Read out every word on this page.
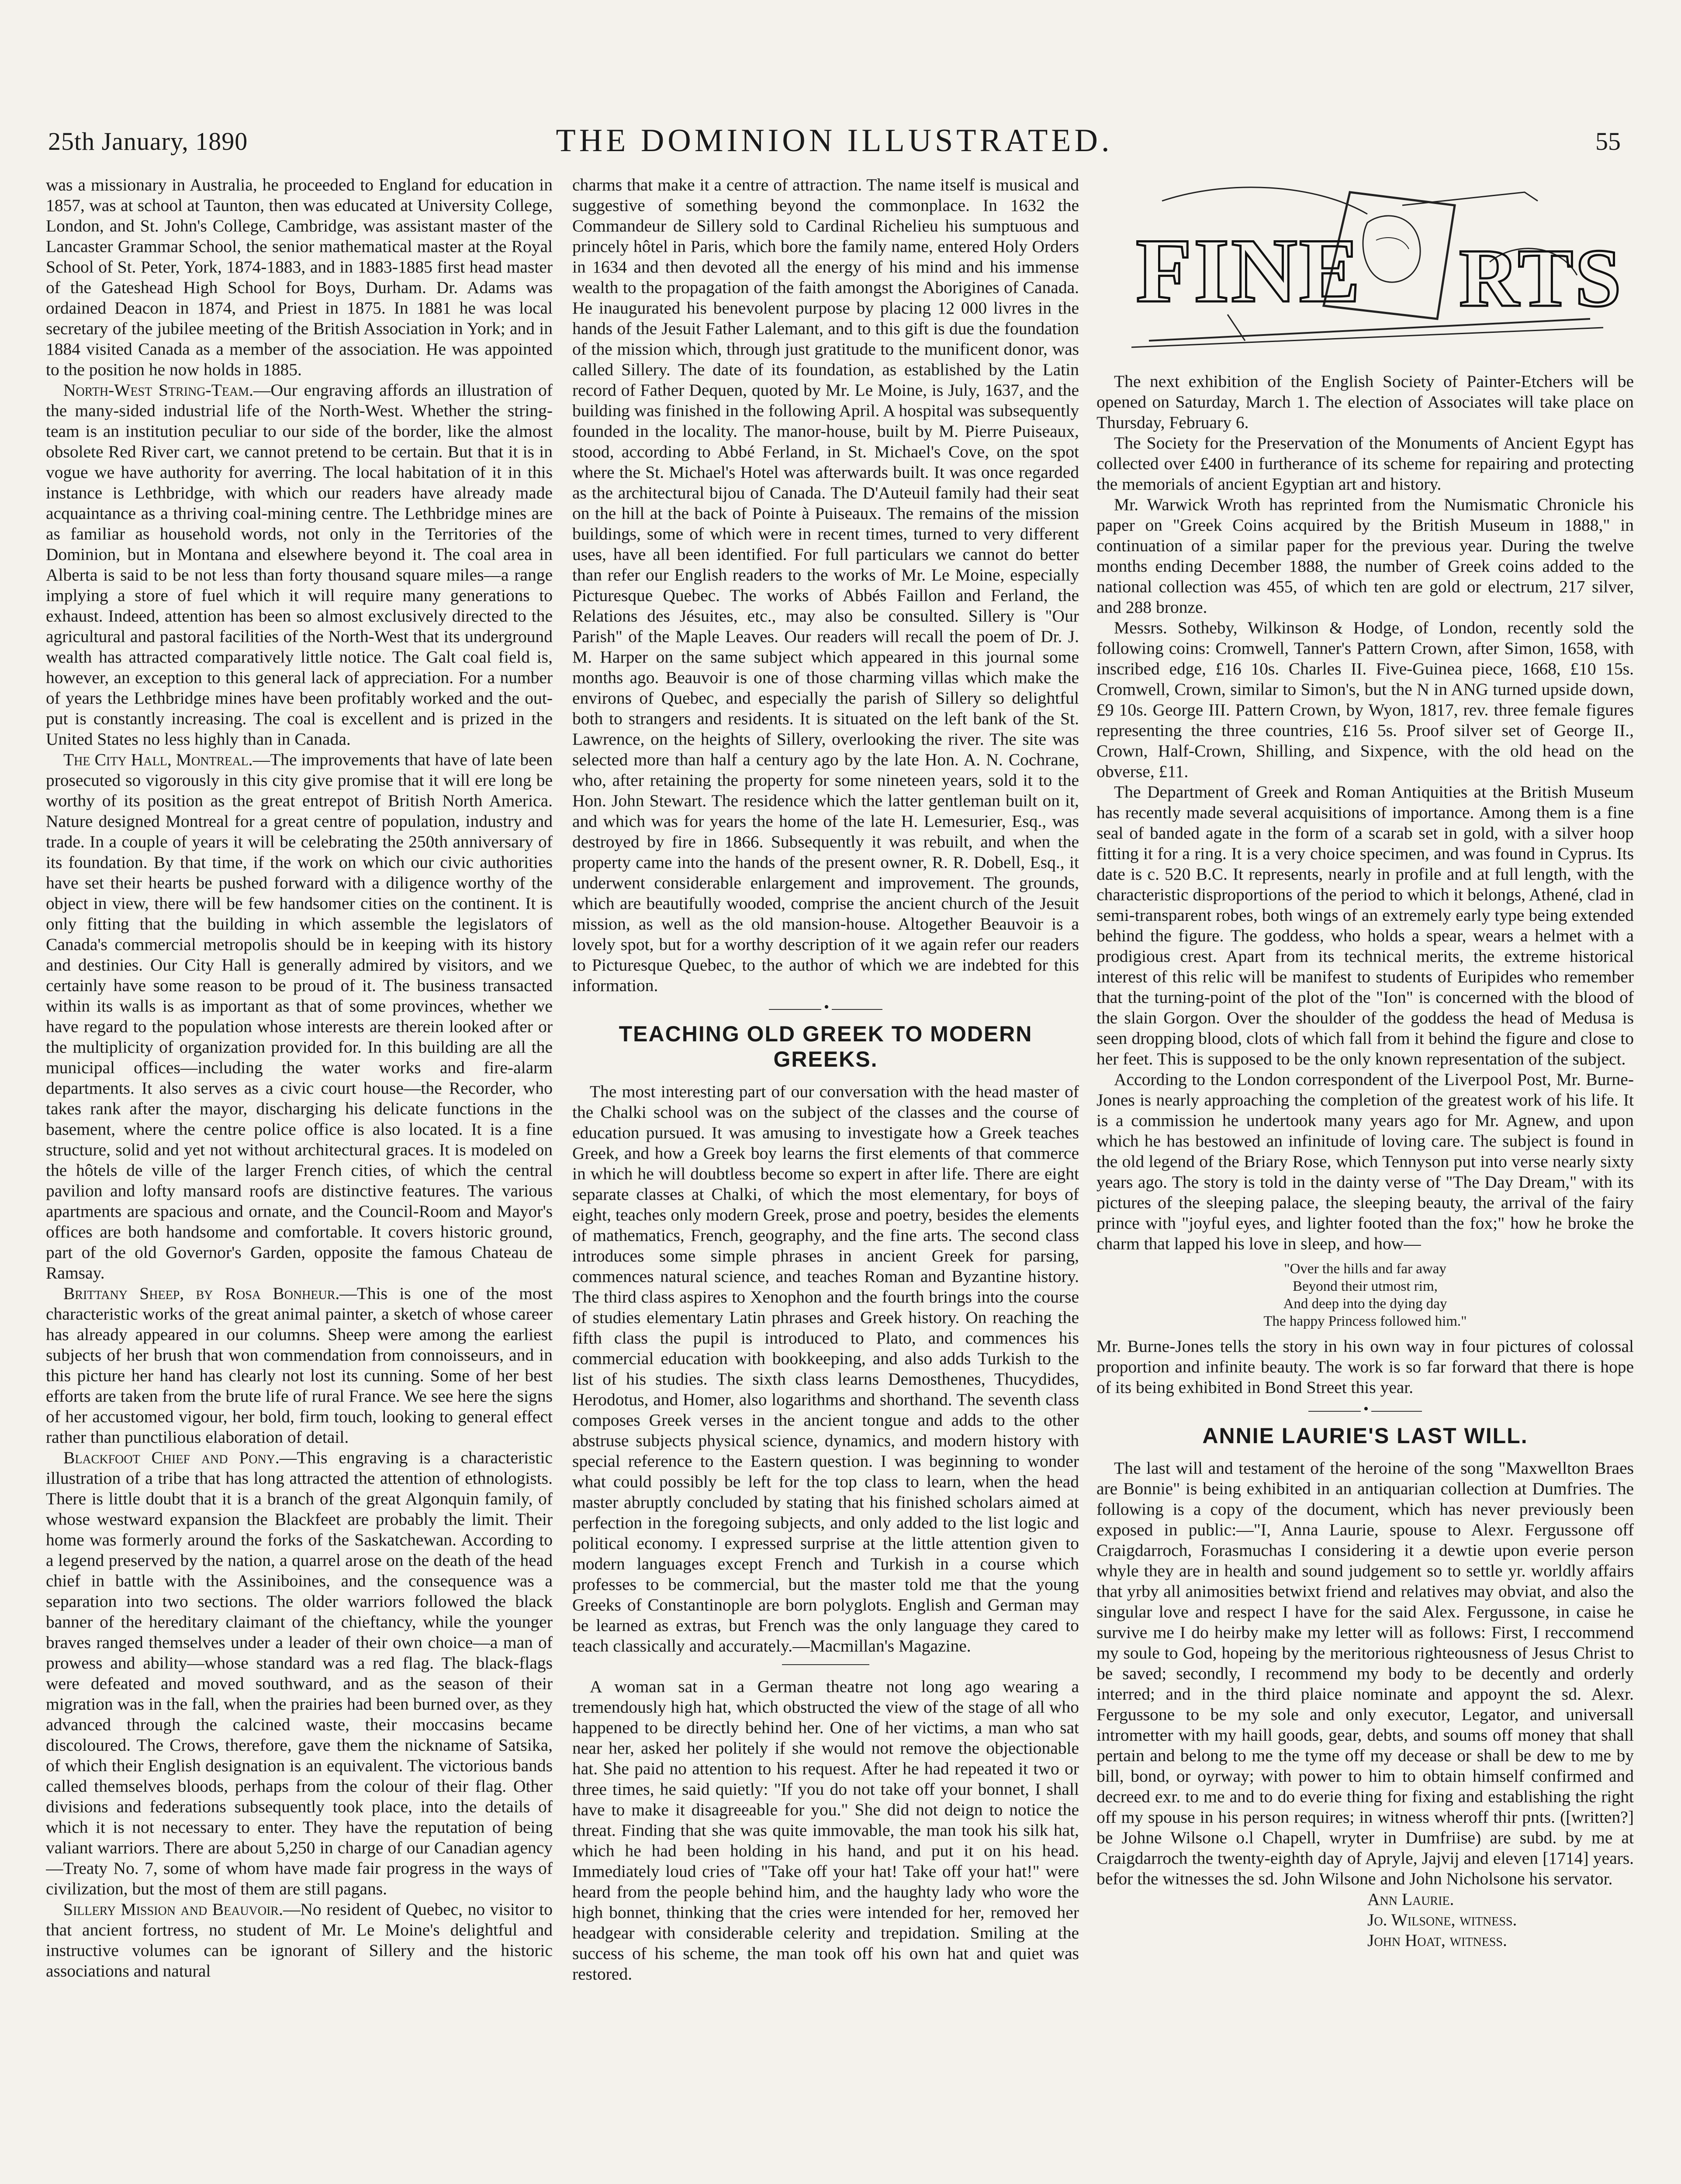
25th January, 1890	THE DOMINION ILLUSTRATED.	55

was a missionary in Australia, he proceeded to England for education in 1857, was at school at Taunton, then was educated at University College, London, and St. John's College, Cambridge, was assistant master of the Lancaster Grammar School, the senior mathematical master at the Royal School of St. Peter, York, 1874-1883, and in 1883-1885 first head master of the Gateshead High School for Boys, Durham. Dr. Adams was ordained Deacon in 1874, and Priest in 1875. In 1881 he was local secretary of the jubilee meeting of the British Association in York; and in 1884 visited Canada as a member of the association. He was appointed to the position he now holds in 1885.

North-West String-Team.—Our engraving affords an illustration of the many-sided industrial life of the North-West. Whether the string-team is an institution peculiar to our side of the border, like the almost obsolete Red River cart, we cannot pretend to be certain. But that it is in vogue we have authority for averring. The local habitation of it in this instance is Lethbridge, with which our readers have already made acquaintance as a thriving coal-mining centre. The Lethbridge mines are as familiar as household words, not only in the Territories of the Dominion, but in Montana and elsewhere beyond it. The coal area in Alberta is said to be not less than forty thousand square miles—a range implying a store of fuel which it will require many generations to exhaust. Indeed, attention has been so almost exclusively directed to the agricultural and pastoral facilities of the North-West that its underground wealth has attracted comparatively little notice. The Galt coal field is, however, an exception to this general lack of appreciation. For a number of years the Lethbridge mines have been profitably worked and the out-put is constantly increasing. The coal is excellent and is prized in the United States no less highly than in Canada.

The City Hall, Montreal.—The improvements that have of late been prosecuted so vigorously in this city give promise that it will ere long be worthy of its position as the great entrepot of British North America. Nature designed Montreal for a great centre of population, industry and trade. In a couple of years it will be celebrating the 250th anniversary of its foundation. By that time, if the work on which our civic authorities have set their hearts be pushed forward with a diligence worthy of the object in view, there will be few handsomer cities on the continent. It is only fitting that the building in which assemble the legislators of Canada's commercial metropolis should be in keeping with its history and destinies. Our City Hall is generally admired by visitors, and we certainly have some reason to be proud of it. The business transacted within its walls is as important as that of some provinces, whether we have regard to the population whose interests are therein looked after or the multiplicity of organization provided for. In this building are all the municipal offices—including the water works and fire-alarm departments. It also serves as a civic court house—the Recorder, who takes rank after the mayor, discharging his delicate functions in the basement, where the centre police office is also located. It is a fine structure, solid and yet not without architectural graces. It is modeled on the hôtels de ville of the larger French cities, of which the central pavilion and lofty mansard roofs are distinctive features. The various apartments are spacious and ornate, and the Council-Room and Mayor's offices are both handsome and comfortable. It covers historic ground, part of the old Governor's Garden, opposite the famous Chateau de Ramsay.

Brittany Sheep, by Rosa Bonheur.—This is one of the most characteristic works of the great animal painter, a sketch of whose career has already appeared in our columns. Sheep were among the earliest subjects of her brush that won commendation from connoisseurs, and in this picture her hand has clearly not lost its cunning. Some of her best efforts are taken from the brute life of rural France. We see here the signs of her accustomed vigour, her bold, firm touch, looking to general effect rather than punctilious elaboration of detail.

Blackfoot Chief and Pony.—This engraving is a characteristic illustration of a tribe that has long attracted the attention of ethnologists. There is little doubt that it is a branch of the great Algonquin family, of whose westward expansion the Blackfeet are probably the limit. Their home was formerly around the forks of the Saskatchewan. According to a legend preserved by the nation, a quarrel arose on the death of the head chief in battle with the Assiniboines, and the consequence was a separation into two sections. The older warriors followed the black banner of the hereditary claimant of the chieftancy, while the younger braves ranged themselves under a leader of their own choice—a man of prowess and ability—whose standard was a red flag. The black-flags were defeated and moved southward, and as the season of their migration was in the fall, when the prairies had been burned over, as they advanced through the calcined waste, their moccasins became discoloured. The Crows, therefore, gave them the nickname of Satsika, of which their English designation is an equivalent. The victorious bands called themselves bloods, perhaps from the colour of their flag. Other divisions and federations subsequently took place, into the details of which it is not necessary to enter. They have the reputation of being valiant warriors. There are about 5,250 in charge of our Canadian agency—Treaty No. 7, some of whom have made fair progress in the ways of civilization, but the most of them are still pagans.

Sillery Mission and Beauvoir.—No resident of Quebec, no visitor to that ancient fortress, no student of Mr. Le Moine's delightful and instructive volumes can be ignorant of Sillery and the historic associations and natural

charms that make it a centre of attraction. The name itself is musical and suggestive of something beyond the commonplace. In 1632 the Commandeur de Sillery sold to Cardinal Richelieu his sumptuous and princely hôtel in Paris, which bore the family name, entered Holy Orders in 1634 and then devoted all the energy of his mind and his immense wealth to the propagation of the faith amongst the Aborigines of Canada. He inaugurated his benevolent purpose by placing 12 000 livres in the hands of the Jesuit Father Lalemant, and to this gift is due the foundation of the mission which, through just gratitude to the munificent donor, was called Sillery. The date of its foundation, as established by the Latin record of Father Dequen, quoted by Mr. Le Moine, is July, 1637, and the building was finished in the following April. A hospital was subsequently founded in the locality. The manor-house, built by M. Pierre Puiseaux, stood, according to Abbé Ferland, in St. Michael's Cove, on the spot where the St. Michael's Hotel was afterwards built. It was once regarded as the architectural bijou of Canada. The D'Auteuil family had their seat on the hill at the back of Pointe à Puiseaux. The remains of the mission buildings, some of which were in recent times, turned to very different uses, have all been identified. For full particulars we cannot do better than refer our English readers to the works of Mr. Le Moine, especially Picturesque Quebec. The works of Abbés Faillon and Ferland, the Relations des Jésuites, etc., may also be consulted. Sillery is "Our Parish" of the Maple Leaves. Our readers will recall the poem of Dr. J. M. Harper on the same subject which appeared in this journal some months ago. Beauvoir is one of those charming villas which make the environs of Quebec, and especially the parish of Sillery so delightful both to strangers and residents. It is situated on the left bank of the St. Lawrence, on the heights of Sillery, overlooking the river. The site was selected more than half a century ago by the late Hon. A. N. Cochrane, who, after retaining the property for some nineteen years, sold it to the Hon. John Stewart. The residence which the latter gentleman built on it, and which was for years the home of the late H. Lemesurier, Esq., was destroyed by fire in 1866. Subsequently it was rebuilt, and when the property came into the hands of the present owner, R. R. Dobell, Esq., it underwent considerable enlargement and improvement. The grounds, which are beautifully wooded, comprise the ancient church of the Jesuit mission, as well as the old mansion-house. Altogether Beauvoir is a lovely spot, but for a worthy description of it we again refer our readers to Picturesque Quebec, to the author of which we are indebted for this information.

•
TEACHING OLD GREEK TO MODERN GREEKS.

The most interesting part of our conversation with the head master of the Chalki school was on the subject of the classes and the course of education pursued. It was amusing to investigate how a Greek teaches Greek, and how a Greek boy learns the first elements of that commerce in which he will doubtless become so expert in after life. There are eight separate classes at Chalki, of which the most elementary, for boys of eight, teaches only modern Greek, prose and poetry, besides the elements of mathematics, French, geography, and the fine arts. The second class introduces some simple phrases in ancient Greek for parsing, commences natural science, and teaches Roman and Byzantine history. The third class aspires to Xenophon and the fourth brings into the course of studies elementary Latin phrases and Greek history. On reaching the fifth class the pupil is introduced to Plato, and commences his commercial education with bookkeeping, and also adds Turkish to the list of his studies. The sixth class learns Demosthenes, Thucydides, Herodotus, and Homer, also logarithms and shorthand. The seventh class composes Greek verses in the ancient tongue and adds to the other abstruse subjects physical science, dynamics, and modern history with special reference to the Eastern question. I was beginning to wonder what could possibly be left for the top class to learn, when the head master abruptly concluded by stating that his finished scholars aimed at perfection in the foregoing subjects, and only added to the list logic and political economy. I expressed surprise at the little attention given to modern languages except French and Turkish in a course which professes to be commercial, but the master told me that the young Greeks of Constantinople are born polyglots. English and German may be learned as extras, but French was the only language they cared to teach classically and accurately.—Macmillan's Magazine.

A woman sat in a German theatre not long ago wearing a tremendously high hat, which obstructed the view of the stage of all who happened to be directly behind her. One of her victims, a man who sat near her, asked her politely if she would not remove the objectionable hat. She paid no attention to his request. After he had repeated it two or three times, he said quietly: "If you do not take off your bonnet, I shall have to make it disagreeable for you." She did not deign to notice the threat. Finding that she was quite immovable, the man took his silk hat, which he had been holding in his hand, and put it on his head. Immediately loud cries of "Take off your hat! Take off your hat!" were heard from the people behind him, and the haughty lady who wore the high bonnet, thinking that the cries were intended for her, removed her headgear with considerable celerity and trepidation. Smiling at the success of his scheme, the man took off his own hat and quiet was restored.

FINE RTS

The next exhibition of the English Society of Painter-Etchers will be opened on Saturday, March 1. The election of Associates will take place on Thursday, February 6.

The Society for the Preservation of the Monuments of Ancient Egypt has collected over £400 in furtherance of its scheme for repairing and protecting the memorials of ancient Egyptian art and history.

Mr. Warwick Wroth has reprinted from the Numismatic Chronicle his paper on "Greek Coins acquired by the British Museum in 1888," in continuation of a similar paper for the previous year. During the twelve months ending December 1888, the number of Greek coins added to the national collection was 455, of which ten are gold or electrum, 217 silver, and 288 bronze.

Messrs. Sotheby, Wilkinson & Hodge, of London, recently sold the following coins: Cromwell, Tanner's Pattern Crown, after Simon, 1658, with inscribed edge, £16 10s. Charles II. Five-Guinea piece, 1668, £10 15s. Cromwell, Crown, similar to Simon's, but the N in ANG turned upside down, £9 10s. George III. Pattern Crown, by Wyon, 1817, rev. three female figures representing the three countries, £16 5s. Proof silver set of George II., Crown, Half-Crown, Shilling, and Sixpence, with the old head on the obverse, £11.

The Department of Greek and Roman Antiquities at the British Museum has recently made several acquisitions of importance. Among them is a fine seal of banded agate in the form of a scarab set in gold, with a silver hoop fitting it for a ring. It is a very choice specimen, and was found in Cyprus. Its date is c. 520 B.C. It represents, nearly in profile and at full length, with the characteristic disproportions of the period to which it belongs, Athené, clad in semi-transparent robes, both wings of an extremely early type being extended behind the figure. The goddess, who holds a spear, wears a helmet with a prodigious crest. Apart from its technical merits, the extreme historical interest of this relic will be manifest to students of Euripides who remember that the turning-point of the plot of the "Ion" is concerned with the blood of the slain Gorgon. Over the shoulder of the goddess the head of Medusa is seen dropping blood, clots of which fall from it behind the figure and close to her feet. This is supposed to be the only known representation of the subject.

According to the London correspondent of the Liverpool Post, Mr. Burne-Jones is nearly approaching the completion of the greatest work of his life. It is a commission he undertook many years ago for Mr. Agnew, and upon which he has bestowed an infinitude of loving care. The subject is found in the old legend of the Briary Rose, which Tennyson put into verse nearly sixty years ago. The story is told in the dainty verse of "The Day Dream," with its pictures of the sleeping palace, the sleeping beauty, the arrival of the fairy prince with "joyful eyes, and lighter footed than the fox;" how he broke the charm that lapped his love in sleep, and how—

"Over the hills and far away
Beyond their utmost rim,
And deep into the dying day
The happy Princess followed him."

Mr. Burne-Jones tells the story in his own way in four pictures of colossal proportion and infinite beauty. The work is so far forward that there is hope of its being exhibited in Bond Street this year.

•
ANNIE LAURIE'S LAST WILL.

The last will and testament of the heroine of the song "Maxwellton Braes are Bonnie" is being exhibited in an antiquarian collection at Dumfries. The following is a copy of the document, which has never previously been exposed in public:—"I, Anna Laurie, spouse to Alexr. Fergussone off Craigdarroch, Forasmuchas I considering it a dewtie upon everie person whyle they are in health and sound judgement so to settle yr. worldly affairs that yrby all animosities betwixt friend and relatives may obviat, and also the singular love and respect I have for the said Alex. Fergussone, in caise he survive me I do heirby make my letter will as follows: First, I reccommend my soule to God, hopeing by the meritorious righteousness of Jesus Christ to be saved; secondly, I recommend my body to be decently and orderly interred; and in the third plaice nominate and appoynt the sd. Alexr. Fergussone to be my sole and only executor, Legator, and universall intrometter with my haill goods, gear, debts, and soums off money that shall pertain and belong to me the tyme off my decease or shall be dew to me by bill, bond, or oyrway; with power to him to obtain himself confirmed and decreed exr. to me and to do everie thing for fixing and establishing the right off my spouse in his person requires; in witness wheroff thir pnts. ([written?] be Johne Wilsone o.l Chapell, wryter in Dumfriise) are subd. by me at Craigdarroch the twenty-eighth day of Apryle, Jajvij and eleven [1714] years. befor the witnesses the sd. John Wilsone and John Nicholsone his servator.

Ann Laurie.

Jo. Wilsone, witness.

John Hoat, witness.
